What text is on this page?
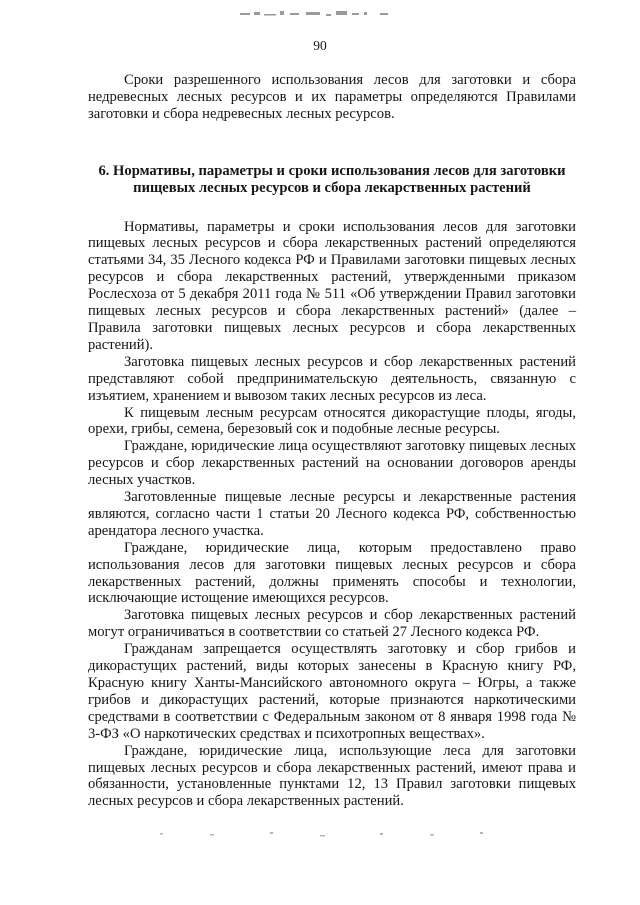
90

Сроки разрешенного использования лесов для заготовки и сбора недревесных лесных ресурсов и их параметры определяются Правилами заготовки и сбора недревесных лесных ресурсов.

6. Нормативы, параметры и сроки использования лесов для заготовки пищевых лесных ресурсов и сбора лекарственных растений

Нормативы, параметры и сроки использования лесов для заготовки пищевых лесных ресурсов и сбора лекарственных растений определяются статьями 34, 35 Лесного кодекса РФ и Правилами заготовки пищевых лесных ресурсов и сбора лекарственных растений, утвержденными приказом Рослесхоза от 5 декабря 2011 года № 511 «Об утверждении Правил заготовки пищевых лесных ресурсов и сбора лекарственных растений» (далее – Правила заготовки пищевых лесных ресурсов и сбора лекарственных растений).

Заготовка пищевых лесных ресурсов и сбор лекарственных растений представляют собой предпринимательскую деятельность, связанную с изъятием, хранением и вывозом таких лесных ресурсов из леса.

К пищевым лесным ресурсам относятся дикорастущие плоды, ягоды, орехи, грибы, семена, березовый сок и подобные лесные ресурсы.

Граждане, юридические лица осуществляют заготовку пищевых лесных ресурсов и сбор лекарственных растений на основании договоров аренды лесных участков.

Заготовленные пищевые лесные ресурсы и лекарственные растения являются, согласно части 1 статьи 20 Лесного кодекса РФ, собственностью арендатора лесного участка.

Граждане, юридические лица, которым предоставлено право использования лесов для заготовки пищевых лесных ресурсов и сбора лекарственных растений, должны применять способы и технологии, исключающие истощение имеющихся ресурсов.

Заготовка пищевых лесных ресурсов и сбор лекарственных растений могут ограничиваться в соответствии со статьей 27 Лесного кодекса РФ.

Гражданам запрещается осуществлять заготовку и сбор грибов и дикорастущих растений, виды которых занесены в Красную книгу РФ, Красную книгу Ханты-Мансийского автономного округа – Югры, а также грибов и дикорастущих растений, которые признаются наркотическими средствами в соответствии с Федеральным законом от 8 января 1998 года № 3-ФЗ «О наркотических средствах и психотропных веществах».

Граждане, юридические лица, использующие леса для заготовки пищевых лесных ресурсов и сбора лекарственных растений, имеют права и обязанности, установленные пунктами 12, 13 Правил заготовки пищевых лесных ресурсов и сбора лекарственных растений.
